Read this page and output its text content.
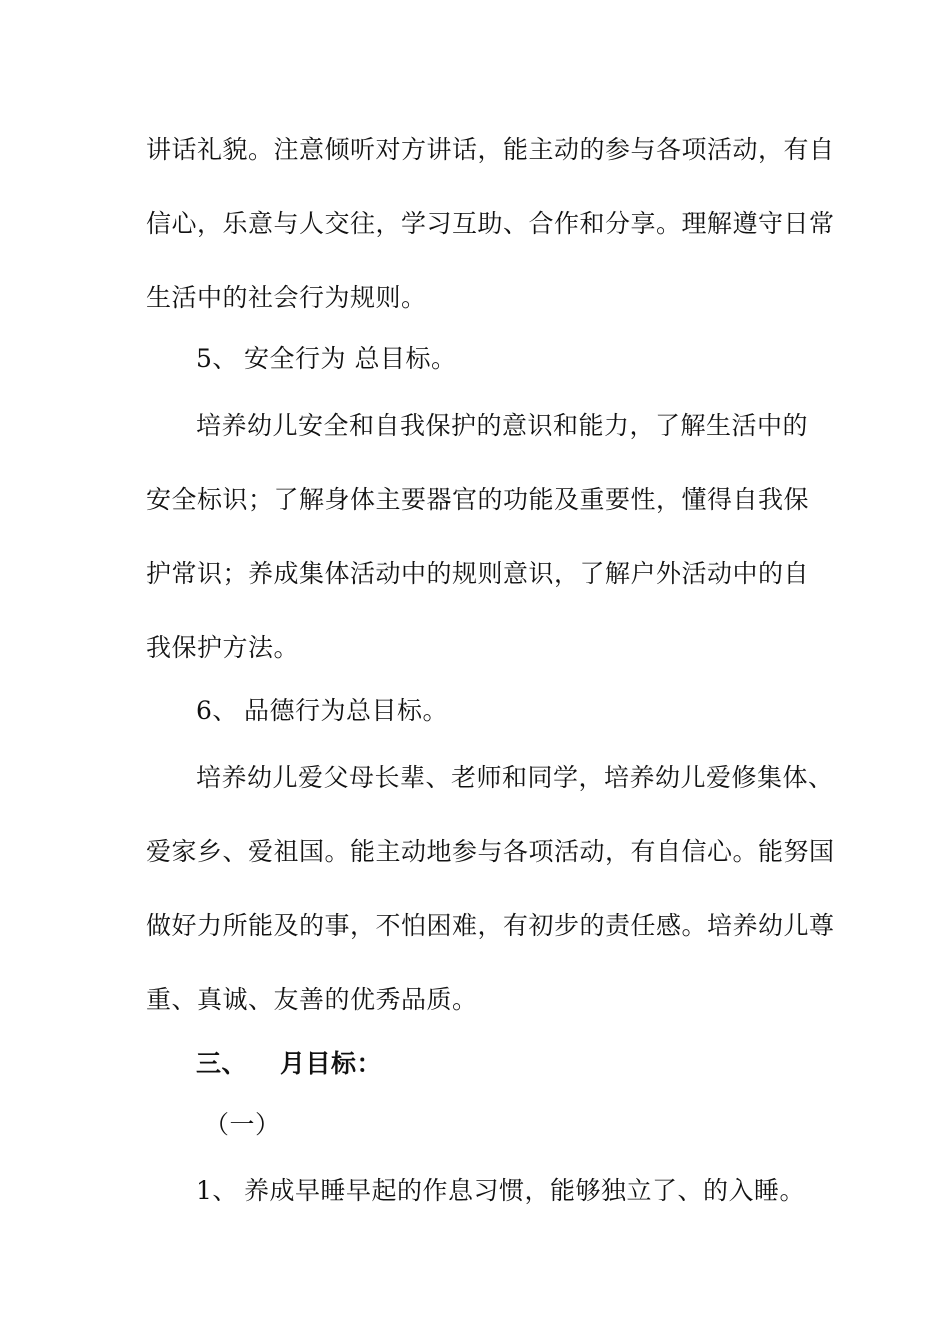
讲话礼貌。注意倾听对方讲话，能主动的参与各项活动，有自
信心，乐意与人交往，学习互助、合作和分享。理解遵守日常
生活中的社会行为规则。
5、 安全行为 总目标。
培养幼儿安全和自我保护的意识和能力，了解生活中的
安全标识；了解身体主要器官的功能及重要性，懂得自我保
护常识；养成集体活动中的规则意识，了解户外活动中的自
我保护方法。
6、 品德行为总目标。
培养幼儿爱父母长辈、老师和同学，培养幼儿爱修集体、
爱家乡、爱祖国。能主动地参与各项活动，有自信心。能努国
做好力所能及的事，不怕困难，有初步的责任感。培养幼儿尊
重、真诚、友善的优秀品质。
三、 月目标：
（一）
1、 养成早睡早起的作息习惯，能够独立了、的入睡。
